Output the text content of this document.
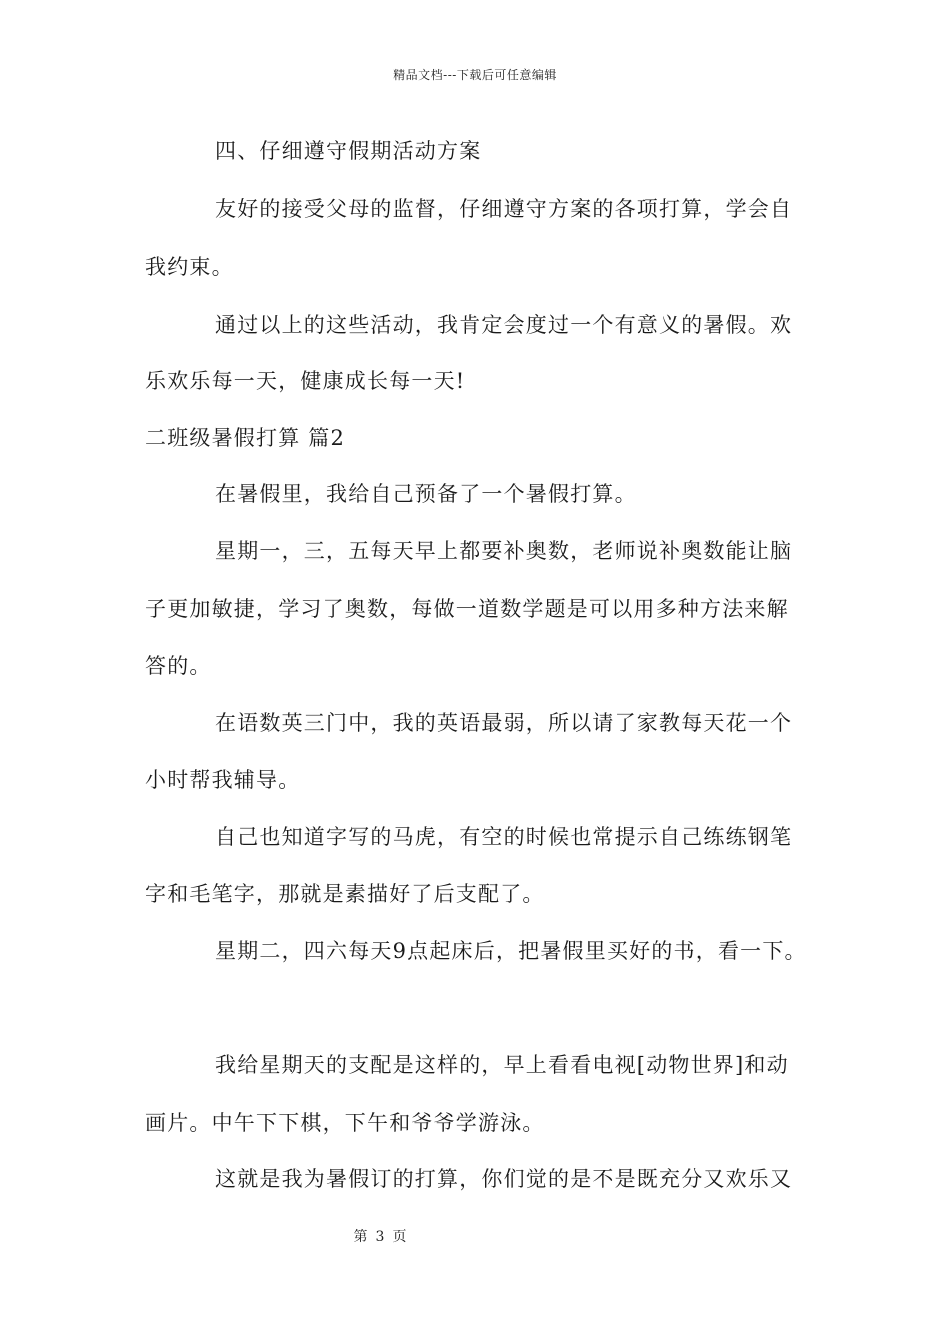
精品文档---下载后可任意编辑
四、仔细遵守假期活动方案
友好的接受父母的监督，仔细遵守方案的各项打算，学会自
我约束。
通过以上的这些活动，我肯定会度过一个有意义的暑假。欢
乐欢乐每一天，健康成长每一天!
二班级暑假打算 篇2
在暑假里，我给自己预备了一个暑假打算。
星期一，三，五每天早上都要补奥数，老师说补奥数能让脑
子更加敏捷，学习了奥数，每做一道数学题是可以用多种方法来解
答的。
在语数英三门中，我的英语最弱，所以请了家教每天花一个
小时帮我辅导。
自己也知道字写的马虎，有空的时候也常提示自己练练钢笔
字和毛笔字，那就是素描好了后支配了。
星期二，四六每天9点起床后，把暑假里买好的书，看一下。
我给星期天的支配是这样的，早上看看电视[动物世界]和动
画片。中午下下棋，下午和爷爷学游泳。
这就是我为暑假订的打算，你们觉的是不是既充分又欢乐又
第 3 页
